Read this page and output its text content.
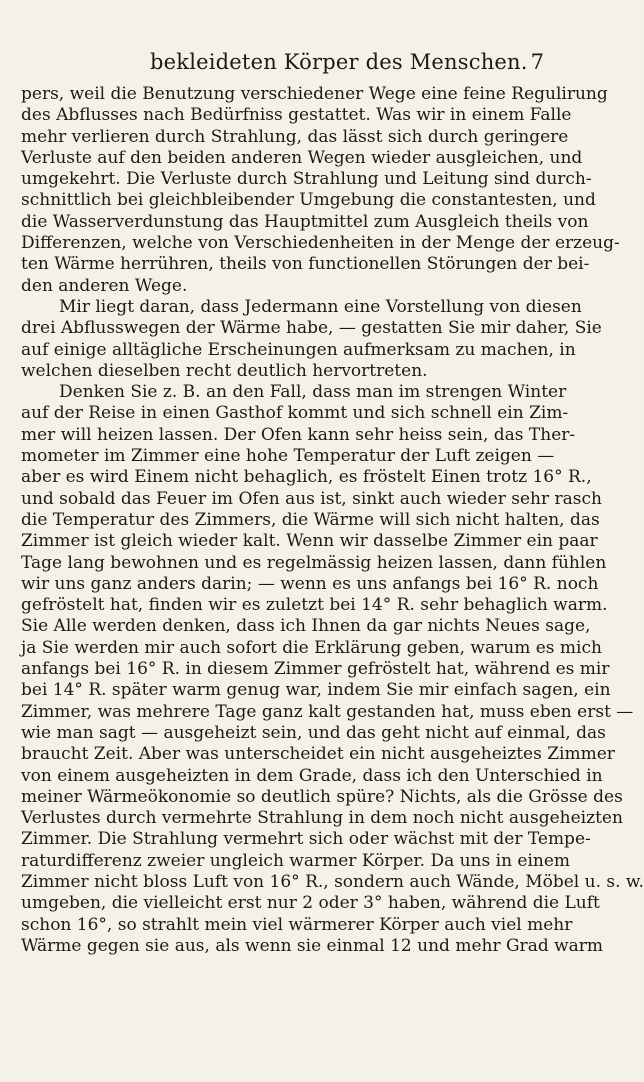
bekleideten Körper des Menschen. 7
pers, weil die Benutzung verschiedener Wege eine feine Regulirung
des Abflusses nach Bedürfniss gestattet. Was wir in einem Falle
mehr verlieren durch Strahlung, das lässt sich durch geringere
Verluste auf den beiden anderen Wegen wieder ausgleichen, und
umgekehrt. Die Verluste durch Strahlung und Leitung sind durch-
schnittlich bei gleichbleibender Umgebung die constantesten, und
die Wasserverdunstung das Hauptmittel zum Ausgleich theils von
Differenzen, welche von Verschiedenheiten in der Menge der erzeug-
ten Wärme herrühren, theils von functionellen Störungen der bei-
den anderen Wege.
Mir liegt daran, dass Jedermann eine Vorstellung von diesen
drei Abflusswegen der Wärme habe, — gestatten Sie mir daher, Sie
auf einige alltägliche Erscheinungen aufmerksam zu machen, in
welchen dieselben recht deutlich hervortreten.
Denken Sie z. B. an den Fall, dass man im strengen Winter
auf der Reise in einen Gasthof kommt und sich schnell ein Zim-
mer will heizen lassen. Der Ofen kann sehr heiss sein, das Ther-
mometer im Zimmer eine hohe Temperatur der Luft zeigen —
aber es wird Einem nicht behaglich, es fröstelt Einen trotz 16° R.,
und sobald das Feuer im Ofen aus ist, sinkt auch wieder sehr rasch
die Temperatur des Zimmers, die Wärme will sich nicht halten, das
Zimmer ist gleich wieder kalt. Wenn wir dasselbe Zimmer ein paar
Tage lang bewohnen und es regelmässig heizen lassen, dann fühlen
wir uns ganz anders darin; — wenn es uns anfangs bei 16° R. noch
gefröstelt hat, finden wir es zuletzt bei 14° R. sehr behaglich warm.
Sie Alle werden denken, dass ich Ihnen da gar nichts Neues sage,
ja Sie werden mir auch sofort die Erklärung geben, warum es mich
anfangs bei 16° R. in diesem Zimmer gefröstelt hat, während es mir
bei 14° R. später warm genug war, indem Sie mir einfach sagen, ein
Zimmer, was mehrere Tage ganz kalt gestanden hat, muss eben erst —
wie man sagt — ausgeheizt sein, und das geht nicht auf einmal, das
braucht Zeit. Aber was unterscheidet ein nicht ausgeheiztes Zimmer
von einem ausgeheizten in dem Grade, dass ich den Unterschied in
meiner Wärmeökonomie so deutlich spüre? Nichts, als die Grösse des
Verlustes durch vermehrte Strahlung in dem noch nicht ausgeheizten
Zimmer. Die Strahlung vermehrt sich oder wächst mit der Tempe-
raturdifferenz zweier ungleich warmer Körper. Da uns in einem
Zimmer nicht bloss Luft von 16° R., sondern auch Wände, Möbel u. s. w.
umgeben, die vielleicht erst nur 2 oder 3° haben, während die Luft
schon 16°, so strahlt mein viel wärmerer Körper auch viel mehr
Wärme gegen sie aus, als wenn sie einmal 12 und mehr Grad warm
